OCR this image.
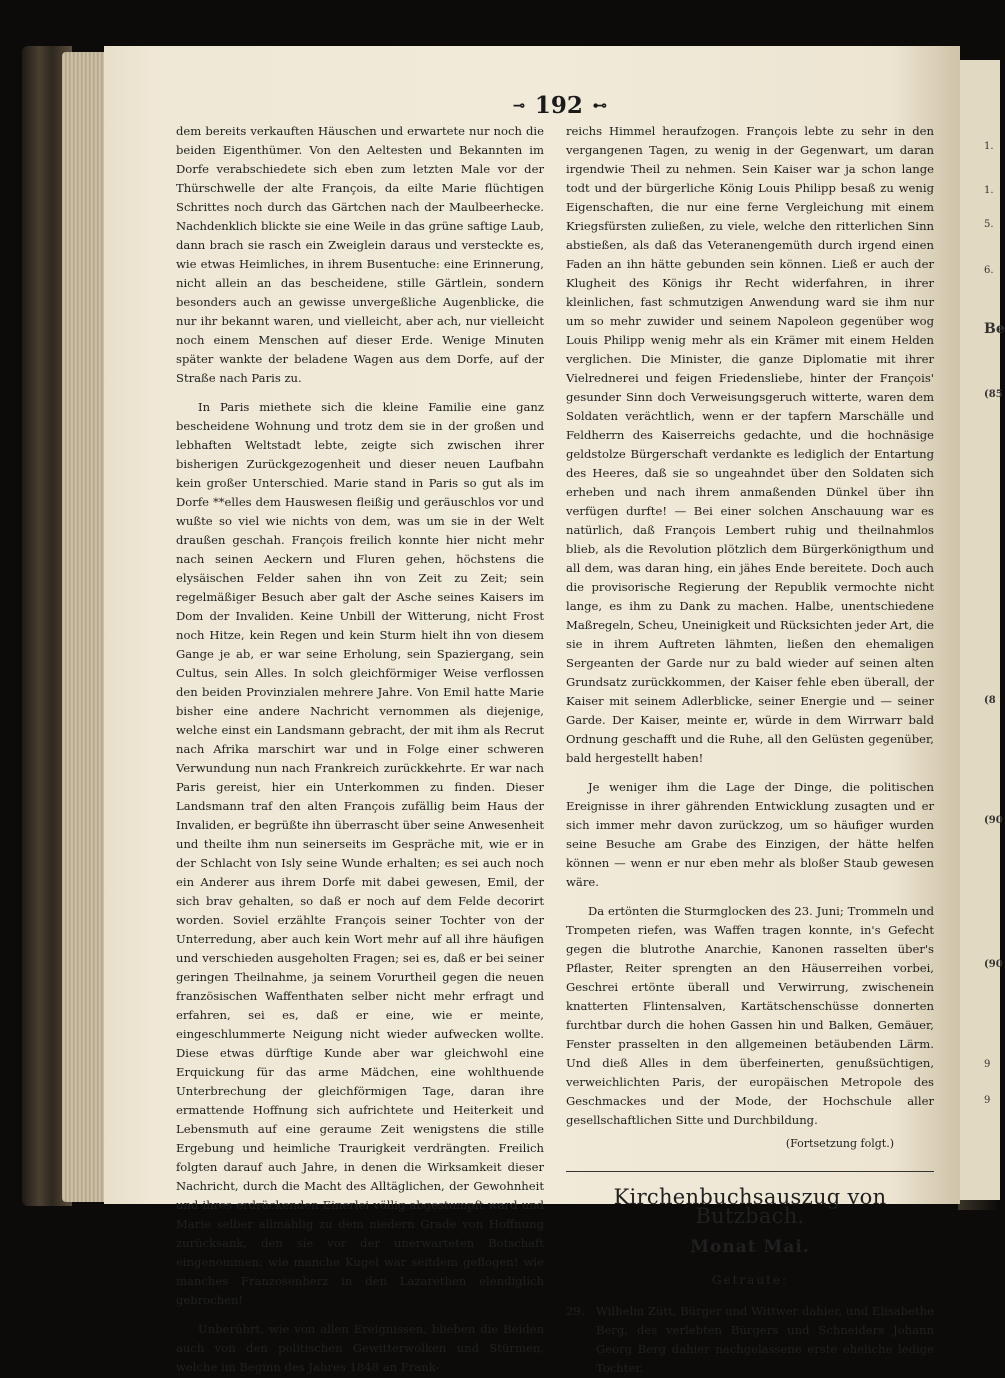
1.
1.
5.
6.
Be
(85
(8
(90
(90
9
9
⊸ 192 ⊷

dem bereits verkauften Häuschen und erwartete nur noch die beiden Eigenthümer. Von den Aeltesten und Bekannten im Dorfe verabschiedete sich eben zum letzten Male vor der Thürschwelle der alte François, da eilte Marie flüchtigen Schrittes noch durch das Gärtchen nach der Maulbeerhecke. Nachdenklich blickte sie eine Weile in das grüne saftige Laub, dann brach sie rasch ein Zweiglein daraus und versteckte es, wie etwas Heimliches, in ihrem Busentuche: eine Erinnerung, nicht allein an das bescheidene, stille Gärtlein, sondern besonders auch an gewisse unvergeßliche Augenblicke, die nur ihr bekannt waren, und vielleicht, aber ach, nur vielleicht noch einem Menschen auf dieser Erde. Wenige Minuten später wankte der beladene Wagen aus dem Dorfe, auf der Straße nach Paris zu.

In Paris miethete sich die kleine Familie eine ganz bescheidene Wohnung und trotz dem sie in der großen und lebhaften Weltstadt lebte, zeigte sich zwischen ihrer bisherigen Zurückgezogenheit und dieser neuen Laufbahn kein großer Unterschied. Marie stand in Paris so gut als im Dorfe **elles dem Hauswesen fleißig und geräuschlos vor und wußte so viel wie nichts von dem, was um sie in der Welt draußen geschah. François freilich konnte hier nicht mehr nach seinen Aeckern und Fluren gehen, höchstens die elysäischen Felder sahen ihn von Zeit zu Zeit; sein regelmäßiger Besuch aber galt der Asche seines Kaisers im Dom der Invaliden. Keine Unbill der Witterung, nicht Frost noch Hitze, kein Regen und kein Sturm hielt ihn von diesem Gange je ab, er war seine Erholung, sein Spaziergang, sein Cultus, sein Alles. In solch gleichförmiger Weise verflossen den beiden Provinzialen mehrere Jahre. Von Emil hatte Marie bisher eine andere Nachricht vernommen als diejenige, welche einst ein Landsmann gebracht, der mit ihm als Recrut nach Afrika marschirt war und in Folge einer schweren Verwundung nun nach Frankreich zurückkehrte. Er war nach Paris gereist, hier ein Unterkommen zu finden. Dieser Landsmann traf den alten François zufällig beim Haus der Invaliden, er begrüßte ihn überrascht über seine Anwesenheit und theilte ihm nun seinerseits im Gespräche mit, wie er in der Schlacht von Isly seine Wunde erhalten; es sei auch noch ein Anderer aus ihrem Dorfe mit dabei gewesen, Emil, der sich brav gehalten, so daß er noch auf dem Felde decorirt worden. Soviel erzählte François seiner Tochter von der Unterredung, aber auch kein Wort mehr auf all ihre häufigen und verschieden ausgeholten Fragen; sei es, daß er bei seiner geringen Theilnahme, ja seinem Vorurtheil gegen die neuen französischen Waffenthaten selber nicht mehr erfragt und erfahren, sei es, daß er eine, wie er meinte, eingeschlummerte Neigung nicht wieder aufwecken wollte. Diese etwas dürftige Kunde aber war gleichwohl eine Erquickung für das arme Mädchen, eine wohlthuende Unterbrechung der gleichförmigen Tage, daran ihre ermattende Hoffnung sich aufrichtete und Heiterkeit und Lebensmuth auf eine geraume Zeit wenigstens die stille Ergebung und heimliche Traurigkeit verdrängten. Freilich folgten darauf auch Jahre, in denen die Wirksamkeit dieser Nachricht, durch die Macht des Alltäglichen, der Gewohnheit und ihres erdrückenden Einerlei völlig abgestumpft ward und Marie selber allmählig zu dem niedern Grade von Hoffnung zurücksank, den sie vor der unerwarteten Botschaft eingenommen: wie manche Kugel war seitdem geflogen! wie manches Franzosenherz in den Lazarethen elendiglich gebrochen!

Unberührt, wie von allen Ereignissen, blieben die Beiden auch von den politischen Gewitterwolken und Stürmen, welche im Beginn des Jahres 1848 an Frank-

reichs Himmel heraufzogen. François lebte zu sehr in den vergangenen Tagen, zu wenig in der Gegenwart, um daran irgendwie Theil zu nehmen. Sein Kaiser war ja schon lange todt und der bürgerliche König Louis Philipp besaß zu wenig Eigenschaften, die nur eine ferne Vergleichung mit einem Kriegsfürsten zuließen, zu viele, welche den ritterlichen Sinn abstießen, als daß das Veteranengemüth durch irgend einen Faden an ihn hätte gebunden sein können. Ließ er auch der Klugheit des Königs ihr Recht widerfahren, in ihrer kleinlichen, fast schmutzigen Anwendung ward sie ihm nur um so mehr zuwider und seinem Napoleon gegenüber wog Louis Philipp wenig mehr als ein Krämer mit einem Helden verglichen. Die Minister, die ganze Diplomatie mit ihrer Vielrednerei und feigen Friedensliebe, hinter der François' gesunder Sinn doch Verweisungsgeruch witterte, waren dem Soldaten verächtlich, wenn er der tapfern Marschälle und Feldherrn des Kaiserreichs gedachte, und die hochnäsige geldstolze Bürgerschaft verdankte es lediglich der Entartung des Heeres, daß sie so ungeahndet über den Soldaten sich erheben und nach ihrem anmaßenden Dünkel über ihn verfügen durfte! — Bei einer solchen Anschauung war es natürlich, daß François Lembert ruhig und theilnahmlos blieb, als die Revolution plötzlich dem Bürgerkönigthum und all dem, was daran hing, ein jähes Ende bereitete. Doch auch die provisorische Regierung der Republik vermochte nicht lange, es ihm zu Dank zu machen. Halbe, unentschiedene Maßregeln, Scheu, Uneinigkeit und Rücksichten jeder Art, die sie in ihrem Auftreten lähmten, ließen den ehemaligen Sergeanten der Garde nur zu bald wieder auf seinen alten Grundsatz zurückkommen, der Kaiser fehle eben überall, der Kaiser mit seinem Adlerblicke, seiner Energie und — seiner Garde. Der Kaiser, meinte er, würde in dem Wirrwarr bald Ordnung geschafft und die Ruhe, all den Gelüsten gegenüber, bald hergestellt haben!

Je weniger ihm die Lage der Dinge, die politischen Ereignisse in ihrer gährenden Entwicklung zusagten und er sich immer mehr davon zurückzog, um so häufiger wurden seine Besuche am Grabe des Einzigen, der hätte helfen können — wenn er nur eben mehr als bloßer Staub gewesen wäre.

Da ertönten die Sturmglocken des 23. Juni; Trommeln und Trompeten riefen, was Waffen tragen konnte, in's Gefecht gegen die blutrothe Anarchie, Kanonen rasselten über's Pflaster, Reiter sprengten an den Häuserreihen vorbei, Geschrei ertönte überall und Verwirrung, zwischenein knatterten Flintensalven, Kartätschenschüsse donnerten furchtbar durch die hohen Gassen hin und Balken, Gemäuer, Fenster prasselten in den allgemeinen betäubenden Lärm. Und dieß Alles in dem überfeinerten, genußsüchtigen, verweichlichten Paris, der europäischen Metropole des Geschmackes und der Mode, der Hochschule aller gesellschaftlichen Sitte und Durchbildung.

(Fortsetzung folgt.)
Kirchenbuchsauszug von Butzbach.
Monat Mai.
Getraute:
29. Wilhelm Zütt, Bürger und Wittwer dahier, und Elisabethe Berg, des verlebten Bürgers und Schneiders Johann Georg Berg dahier nachgelassene erste eheliche ledige Tochter.
